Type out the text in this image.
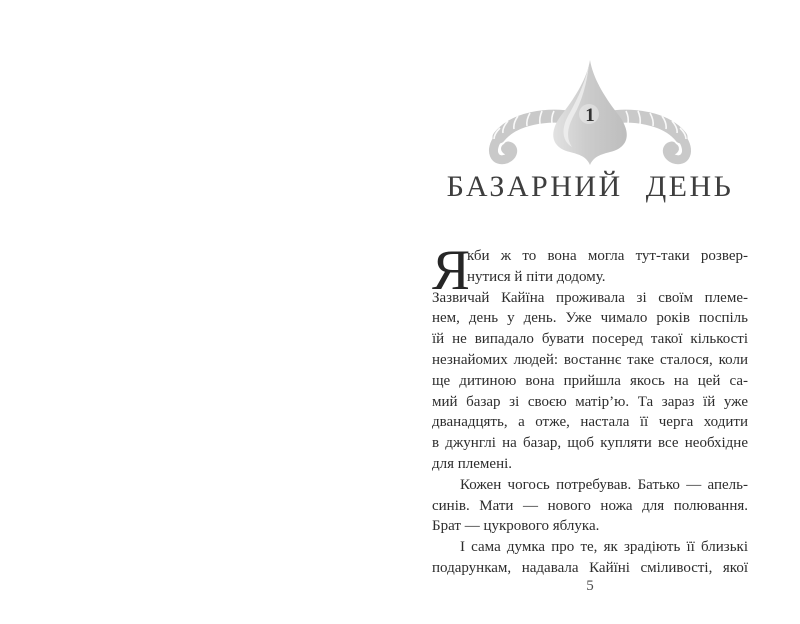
1
БАЗАРНИЙ ДЕНЬ
Я
кби ж то вона могла тут-таки розвер-
нутися й піти додому.
Зазвичай Кайїна проживала зі своїм племе-
нем, день у день. Уже чимало років поспіль
їй не випадало бувати посеред такої кількості
незнайомих людей: востаннє таке сталося, коли
ще дитиною вона прийшла якось на цей са-
мий базар зі своєю матір’ю. Та зараз їй уже
дванадцять, а отже, настала її черга ходити
в джунглі на базар, щоб купляти все необхідне
для племені.
Кожен чогось потребував. Батько — апель-
синів. Мати — нового ножа для полювання.
Брат — цукрового яблука.
І сама думка про те, як зрадіють її близькі
подарункам, надавала Кайїні сміливості, якої
5
